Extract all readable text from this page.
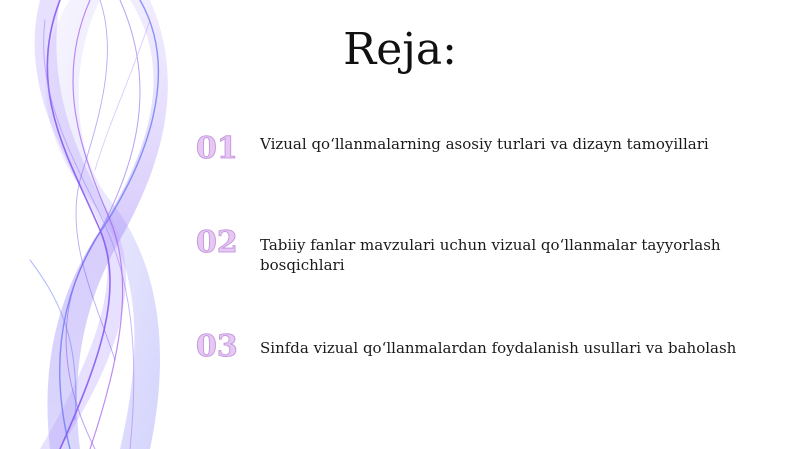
Reja:
01	Vizual qo‘llanmalarning asosiy turlari va dizayn tamoyillari
02	Tabiiy fanlar mavzulari uchun vizual qo‘llanmalar tayyorlash bosqichlari
03	Sinfda vizual qo‘llanmalardan foydalanish usullari va baholash
